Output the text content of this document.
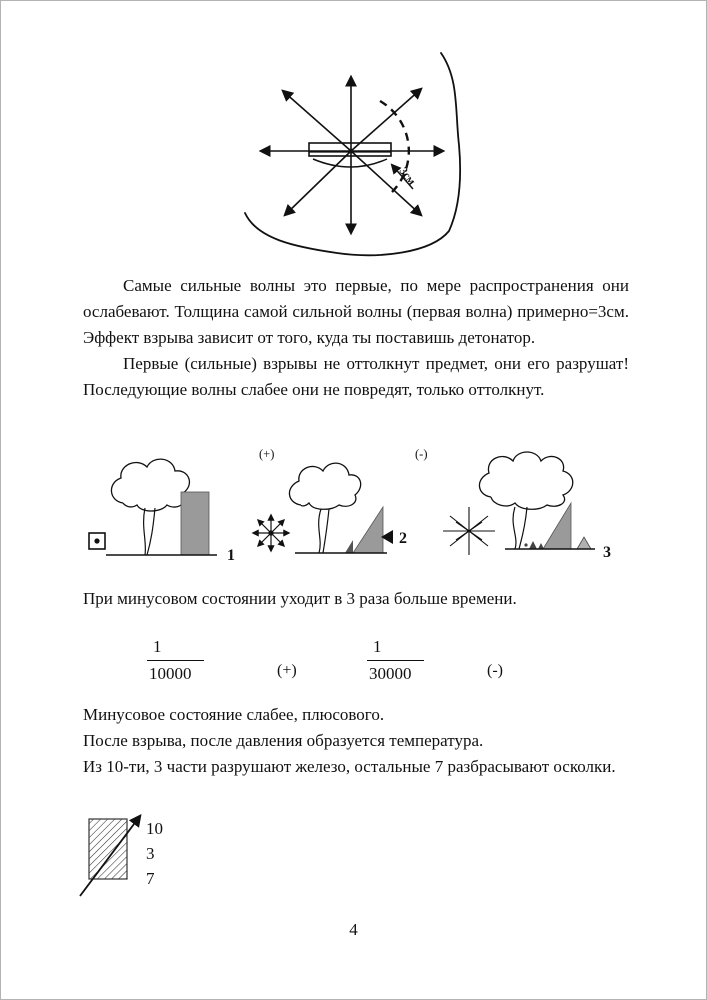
3см

Самые сильные волны это первые, по мере распространения они ослабевают. Толщина самой сильной волны (первая волна) примерно=3см. Эффект взрыва зависит от того, куда ты поставишь детонатор.

Первые (сильные) взрывы не оттолкнут предмет, они его разрушат! Последующие волны слабее они не повредят, только оттолкнут.

1
(+)
2
(-)
3

При минусовом состоянии уходит в 3 раза больше времени.

$\frac{1}{10000}$	(+)	$\frac{1}{30000}$	(-)

Минусовое состояние слабее, плюсового.

После взрыва, после давления образуется температура.

Из 10-ти, 3 части разрушают железо, остальные 7 разбрасывают осколки.

10
3
7
4
